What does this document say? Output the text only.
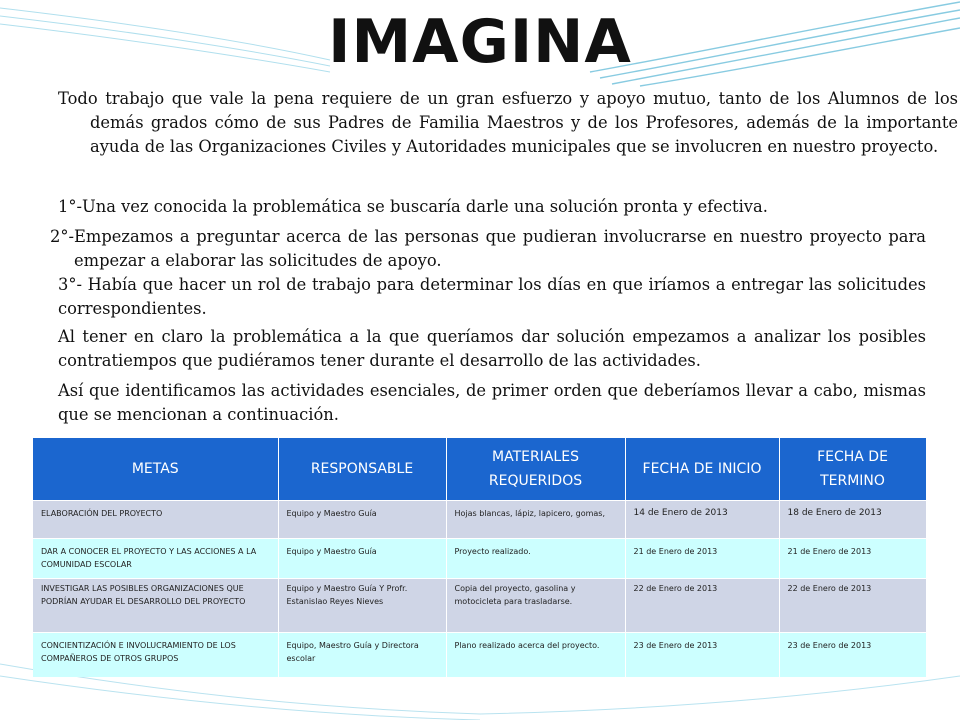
IMAGINA

Todo trabajo que vale la pena requiere de un gran esfuerzo y apoyo mutuo, tanto de los Alumnos de los demás grados cómo de sus Padres de Familia Maestros y de los Profesores, además de la importante ayuda de las Organizaciones Civiles y Autoridades municipales que se involucren en nuestro proyecto.

1°- Una vez conocida la problemática se buscaría darle una solución pronta y efectiva.
2°- Empezamos a preguntar acerca de las personas que pudieran involucrarse en nuestro proyecto para empezar a elaborar las solicitudes de apoyo.

3°- Había que hacer un rol de trabajo para determinar los días en que iríamos a entregar las solicitudes correspondientes.

Al tener en claro la problemática a la que queríamos dar solución empezamos a analizar los posibles contratiempos que pudiéramos tener durante el desarrollo de las actividades.

Así que identificamos las actividades esenciales, de primer orden que deberíamos llevar a cabo, mismas que se mencionan a continuación.

METAS	RESPONSABLE	MATERIALES REQUERIDOS	FECHA DE INICIO	FECHA DE TERMINO
ELABORACIÓN DEL PROYECTO	Equipo y Maestro Guía	Hojas blancas, lápiz, lapicero, gomas,	14 de Enero de 2013	18 de Enero de 2013
DAR A CONOCER EL PROYECTO Y LAS ACCIONES A LA COMUNIDAD ESCOLAR	Equipo y Maestro Guía	Proyecto realizado.	21 de Enero de 2013	21 de Enero de 2013
INVESTIGAR LAS POSIBLES ORGANIZACIONES QUE PODRÍAN AYUDAR EL DESARROLLO DEL PROYECTO	Equipo y Maestro Guía Y Profr. Estanislao Reyes Nieves	Copia del proyecto, gasolina y motocicleta para trasladarse.	22 de Enero de 2013	22 de Enero de 2013
CONCIENTIZACIÓN E INVOLUCRAMIENTO DE LOS COMPAÑEROS DE OTROS GRUPOS	Equipo, Maestro Guía y Directora escolar	Plano realizado acerca del proyecto.	23 de Enero de 2013	23 de Enero de 2013
